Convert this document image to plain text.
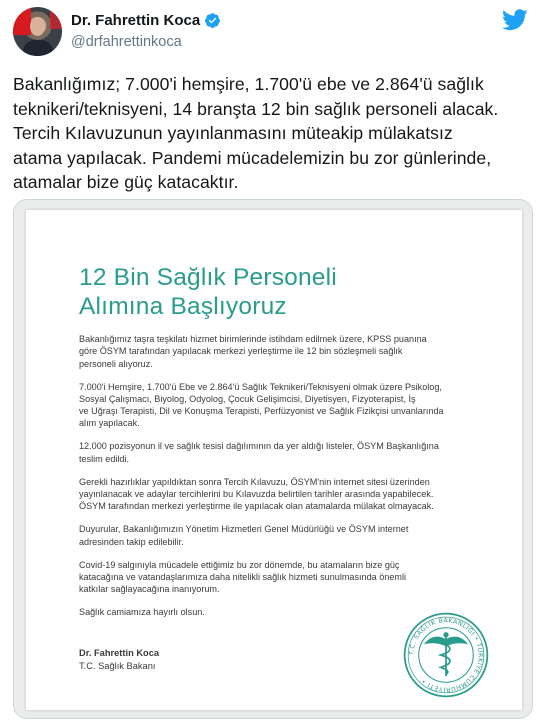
Dr. Fahrettin Koca
@drfahrettinkoca
Bakanlığımız; 7.000'i hemşire, 1.700'ü ebe ve 2.864'ü sağlık
teknikeri/teknisyeni, 14 branşta 12 bin sağlık personeli alacak.
Tercih Kılavuzunun yayınlanmasını müteakip mülakatsız
atama yapılacak. Pandemi mücadelemizin bu zor günlerinde,
atamalar bize güç katacaktır.
12 Bin Sağlık Personeli
Alımına Başlıyoruz

Bakanlığımız taşra teşkilatı hizmet birimlerinde istihdam edilmek üzere, KPSS puanına
göre ÖSYM tarafından yapılacak merkezi yerleştirme ile 12 bin sözleşmeli sağlık
personeli alıyoruz.

7.000'i Hemşire, 1.700'ü Ebe ve 2.864'ü Sağlık Teknikeri/Teknisyeni olmak üzere Psikolog,
Sosyal Çalışmacı, Biyolog, Odyolog, Çocuk Gelişimcisi, Diyetisyen, Fizyoterapist, İş
ve Uğraşı Terapisti, Dil ve Konuşma Terapisti, Perfüzyonist ve Sağlık Fizikçisi unvanlarında
alım yapılacak.

12.000 pozisyonun il ve sağlık tesisi dağılımının da yer aldığı listeler, ÖSYM Başkanlığına
teslim edildi.

Gerekli hazırlıklar yapıldıktan sonra Tercih Kılavuzu, ÖSYM'nin internet sitesi üzerinden
yayınlanacak ve adaylar tercihlerini bu Kılavuzda belirtilen tarihler arasında yapabilecek.
ÖSYM tarafından merkezi yerleştirme ile yapılacak olan atamalarda mülakat olmayacak.

Duyurular, Bakanlığımızın Yönetim Hizmetleri Genel Müdürlüğü ve ÖSYM internet
adresinden takip edilebilir.

Covid-19 salgınıyla mücadele ettiğimiz bu zor dönemde, bu atamaların bize güç
katacağına ve vatandaşlarımıza daha nitelikli sağlık hizmeti sunulmasında önemli
katkılar sağlayacağına inanıyorum.

Sağlık camiamıza hayırlı olsun.

Dr. Fahrettin Koca
T.C. Sağlık Bakanı
T.C. SAĞLIK BAKANLIĞI • TÜRKİYE CUMHURİYETİ •
